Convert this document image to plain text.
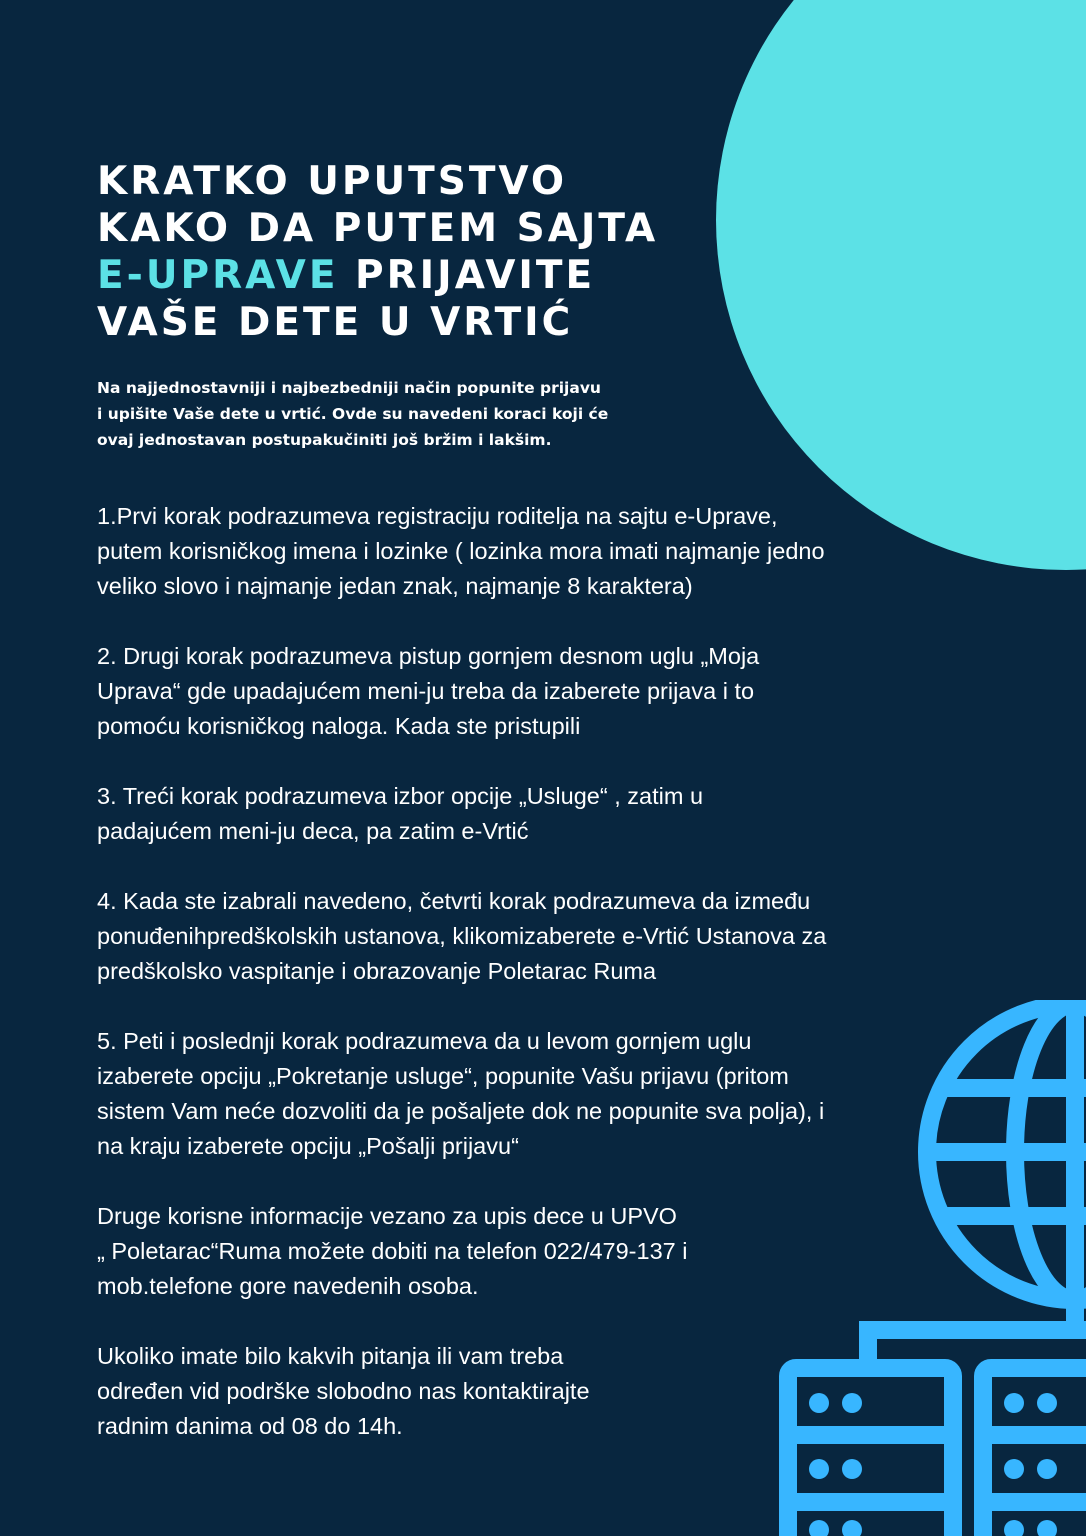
KRATKO UPUTSTVO
KAKO DA PUTEM SAJTA
E-UPRAVE PRIJAVITE
VAŠE DETE U VRTIĆ

Na najjednostavniji i najbezbedniji način popunite prijavu
i upišite Vaše dete u vrtić. Ovde su navedeni koraci koji će
ovaj jednostavan postupakučiniti još bržim i lakšim.

1.Prvi korak podrazumeva registraciju roditelja na sajtu e-Uprave,
putem korisničkog imena i lozinke ( lozinka mora imati najmanje jedno
veliko slovo i najmanje jedan znak, najmanje 8 karaktera)

2. Drugi korak podrazumeva pistup gornjem desnom uglu „Moja
Uprava“ gde upadajućem meni-ju treba da izaberete prijava i to
pomoću korisničkog naloga. Kada ste pristupili

3. Treći korak podrazumeva izbor opcije „Usluge“ , zatim u
padajućem meni-ju deca, pa zatim e-Vrtić

4. Kada ste izabrali navedeno, četvrti korak podrazumeva da između
ponuđenihpredškolskih ustanova, klikomizaberete e-Vrtić Ustanova za
predškolsko vaspitanje i obrazovanje Poletarac Ruma

5. Peti i poslednji korak podrazumeva da u levom gornjem uglu
izaberete opciju „Pokretanje usluge“, popunite Vašu prijavu (pritom
sistem Vam neće dozvoliti da je pošaljete dok ne popunite sva polja), i
na kraju izaberete opciju „Pošalji prijavu“

Druge korisne informacije vezano za upis dece u UPVO
„ Poletarac“Ruma možete dobiti na telefon 022/479-137 i
mob.telefone gore navedenih osoba.

Ukoliko imate bilo kakvih pitanja ili vam treba
određen vid podrške slobodno nas kontaktirajte
radnim danima od 08 do 14h.
